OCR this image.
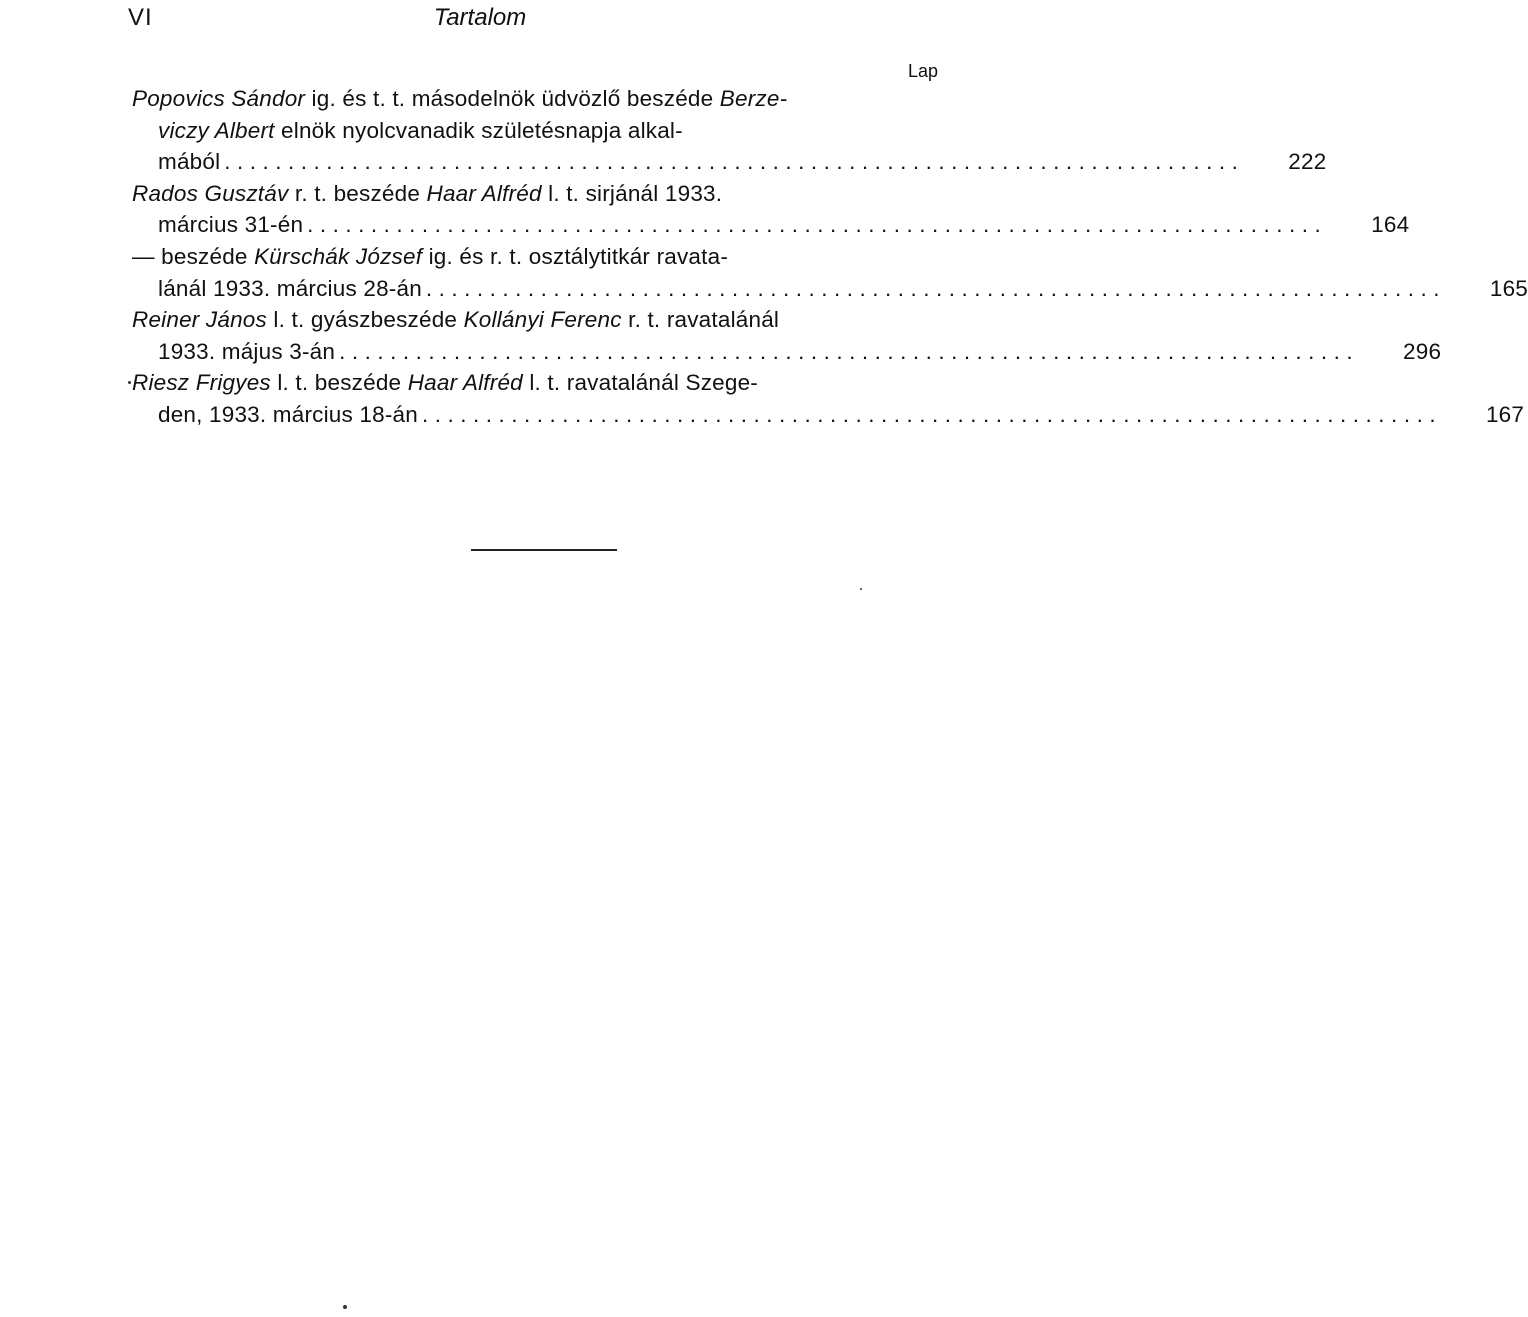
VI	Tartalom
Lap
Popovics Sándor ig. és t. t. másodelnök üdvözlő beszéde Berze-
viczy Albert elnök nyolcvanadik születésnapja alkal-
mából ................................................................................	222
Rados Gusztáv r. t. beszéde Haar Alfréd l. t. sirjánál 1933.
március 31-én ................................................................................	164
— beszéde Kürschák József ig. és r. t. osztálytitkár ravata-
lánál 1933. március 28-án ................................................................................	165
Reiner János l. t. gyászbeszéde Kollányi Ferenc r. t. ravatalánál
1933. május 3-án ................................................................................	296
Riesz Frigyes l. t. beszéde Haar Alfréd l. t. ravatalánál Szege-
den, 1933. március 18-án ................................................................................	167
